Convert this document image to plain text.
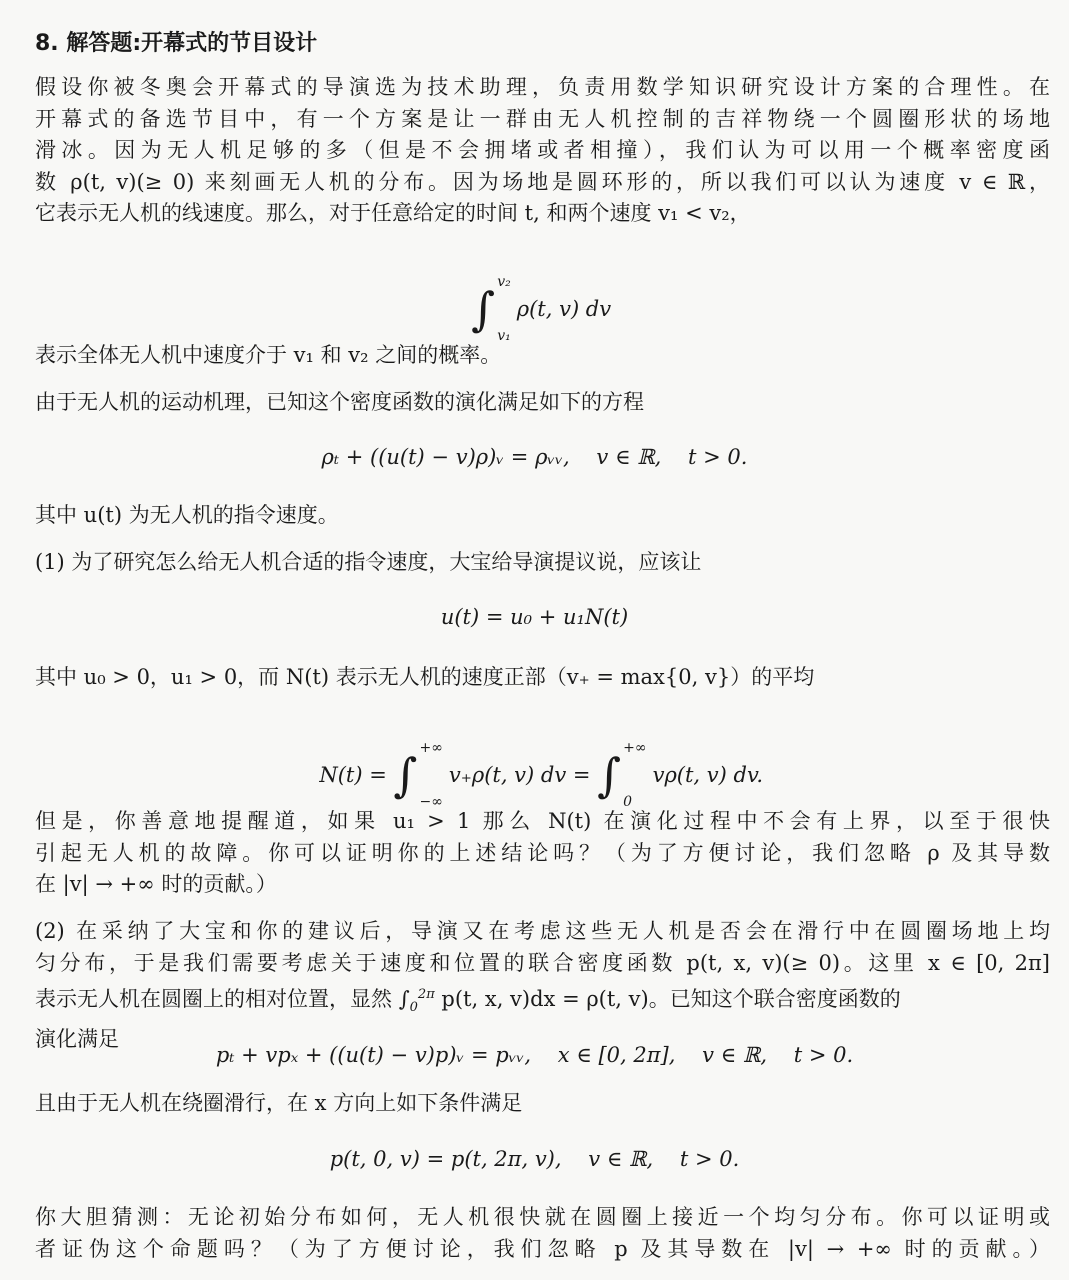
8. 解答题:开幕式的节目设计
假设你被冬奥会开幕式的导演选为技术助理，负责用数学知识研究设计方案的合理性。在
开幕式的备选节目中，有一个方案是让一群由无人机控制的吉祥物绕一个圆圈形状的场地
滑冰。因为无人机足够的多（但是不会拥堵或者相撞），我们认为可以用一个概率密度函
数 ρ(t, v)(≥ 0) 来刻画无人机的分布。因为场地是圆环形的，所以我们可以认为速度 v ∈ ℝ，
它表示无人机的线速度。那么，对于任意给定的时间 t, 和两个速度 v₁ < v₂，

∫ v₂
v₁
ρ(t, v) dv

表示全体无人机中速度介于 v₁ 和 v₂ 之间的概率。
由于无人机的运动机理，已知这个密度函数的演化满足如下的方程
ρₜ + ((u(t) − v)ρ)ᵥ = ρᵥᵥ,    v ∈ ℝ,    t > 0.
其中 u(t) 为无人机的指令速度。
(1) 为了研究怎么给无人机合适的指令速度，大宝给导演提议说，应该让
u(t) = u₀ + u₁N(t)
其中 u₀ > 0，u₁ > 0，而 N(t) 表示无人机的速度正部（v₊ = max{0, v}）的平均

N(t) = ∫ +∞
−∞
v₊ρ(t, v) dv = ∫ +∞
0
vρ(t, v) dv.

但是，你善意地提醒道，如果 u₁ > 1 那么 N(t) 在演化过程中不会有上界，以至于很快
引起无人机的故障。你可以证明你的上述结论吗？（为了方便讨论，我们忽略 ρ 及其导数
在 |v| → +∞ 时的贡献。）
(2) 在采纳了大宝和你的建议后，导演又在考虑这些无人机是否会在滑行中在圆圈场地上均
匀分布，于是我们需要考虑关于速度和位置的联合密度函数 p(t, x, v)(≥ 0)。这里 x ∈ [0, 2π]
表示无人机在圆圈上的相对位置，显然 $\int_0^{2\pi}$ p(t, x, v)dx = ρ(t, v)。已知这个联合密度函数的
演化满足
pₜ + vpₓ + ((u(t) − v)p)ᵥ = pᵥᵥ,    x ∈ [0, 2π],    v ∈ ℝ,    t > 0.
且由于无人机在绕圈滑行，在 x 方向上如下条件满足
p(t, 0, v) = p(t, 2π, v),    v ∈ ℝ,    t > 0.
你大胆猜测：无论初始分布如何，无人机很快就在圆圈上接近一个均匀分布。你可以证明或
者证伪这个命题吗？（为了方便讨论，我们忽略 p 及其导数在 |v| → +∞ 时的贡献。）
